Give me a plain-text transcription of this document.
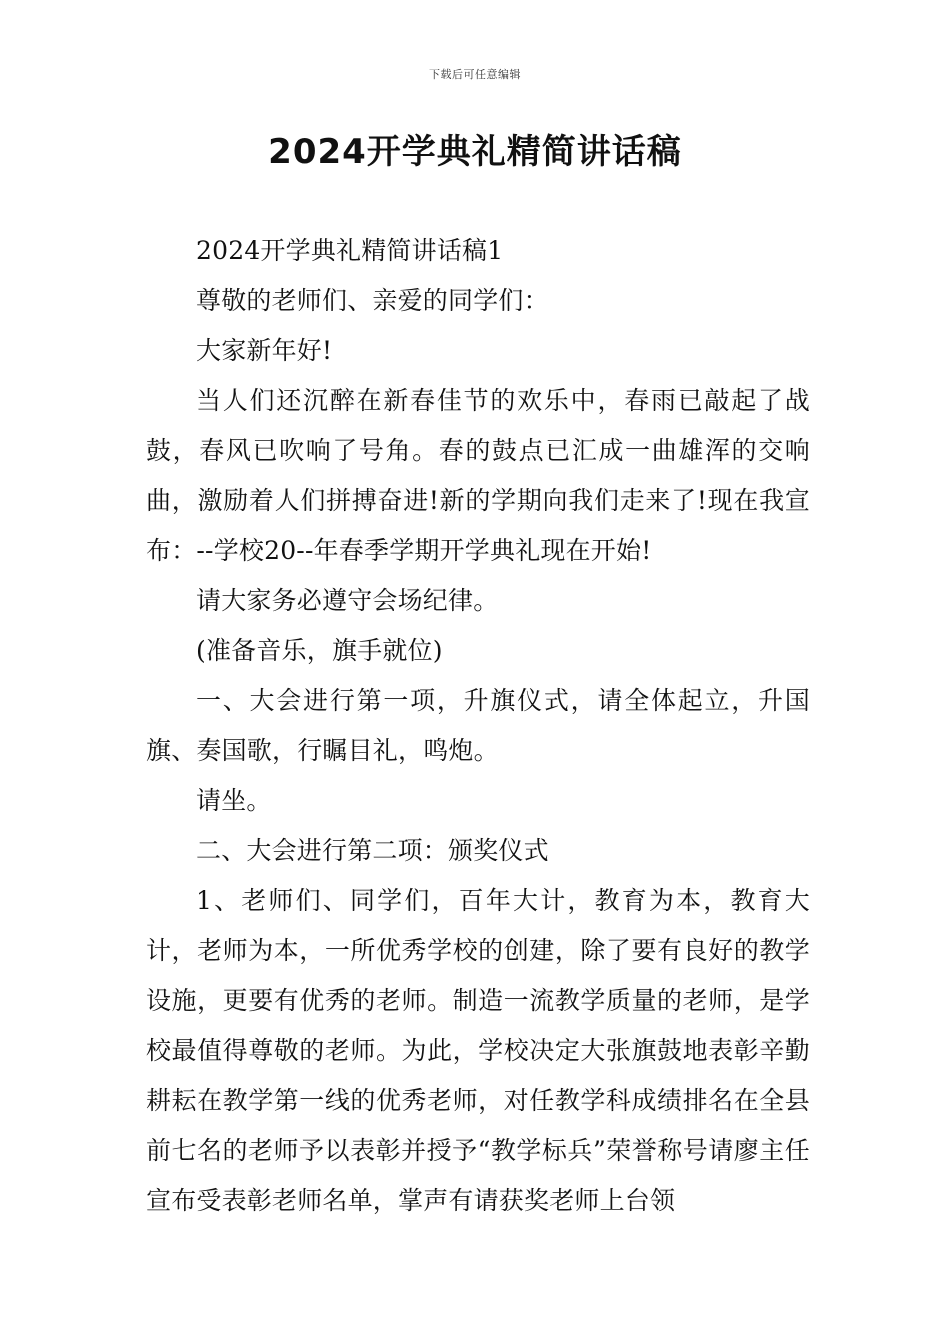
下载后可任意编辑
2024开学典礼精简讲话稿

2024开学典礼精简讲话稿1

尊敬的老师们、亲爱的同学们：

大家新年好!

当人们还沉醉在新春佳节的欢乐中，春雨已敲起了战鼓，春风已吹响了号角。春的鼓点已汇成一曲雄浑的交响曲，激励着人们拼搏奋进!新的学期向我们走来了!现在我宣布：--学校20--年春季学期开学典礼现在开始!

请大家务必遵守会场纪律。

(准备音乐，旗手就位)

一、大会进行第一项，升旗仪式，请全体起立，升国旗、奏国歌，行瞩目礼，鸣炮。

请坐。

二、大会进行第二项：颁奖仪式

1、老师们、同学们，百年大计，教育为本，教育大计，老师为本，一所优秀学校的创建，除了要有良好的教学设施，更要有优秀的老师。制造一流教学质量的老师，是学校最值得尊敬的老师。为此，学校决定大张旗鼓地表彰辛勤耕耘在教学第一线的优秀老师，对任教学科成绩排名在全县前七名的老师予以表彰并授予“教学标兵”荣誉称号请廖主任宣布受表彰老师名单，掌声有请获奖老师上台领
